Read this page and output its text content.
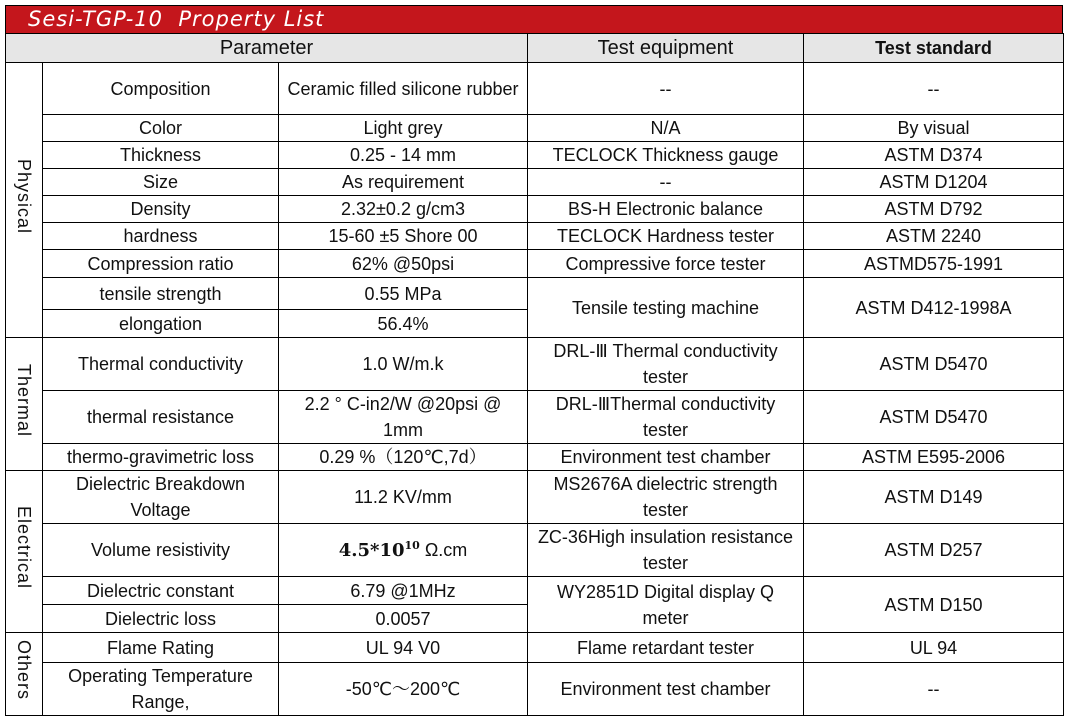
Sesi-TGP-10  Property List
Parameter			Test equipment	Test standard
Physical	Composition	Ceramic filled silicone rubber	--	--
	Color	Light grey	N/A	By visual
	Thickness	0.25 - 14 mm	TECLOCK Thickness gauge	ASTM D374
	Size	As requirement	--	ASTM D1204
	Density	2.32±0.2 g/cm3	BS-H Electronic balance	ASTM D792
	hardness	15-60 ±5 Shore 00	TECLOCK Hardness tester	ASTM 2240
	Compression ratio	62% @50psi	Compressive force tester	ASTMD575-1991
	tensile strength	0.55 MPa	Tensile testing machine	ASTM D412-1998A
	elongation	56.4%		
Thermal	Thermal conductivity	1.0 W/m.k	DRL-Ⅲ Thermal conductivity tester	ASTM D5470
	thermal resistance	2.2 ° C-in2/W @20psi @ 1mm	DRL-ⅢThermal conductivity tester	ASTM D5470
	thermo-gravimetric loss	0.29 %（120℃,7d）	Environment test chamber	ASTM E595-2006
Electrical	Dielectric Breakdown Voltage	11.2 KV/mm	MS2676A dielectric strength tester	ASTM D149
	Volume resistivity	$4.5*10^{10}$ Ω.cm	ZC-36High insulation resistance tester	ASTM D257
	Dielectric constant	6.79 @1MHz	WY2851D Digital display Q meter	ASTM D150
	Dielectric loss	0.0057		
Others	Flame Rating	UL 94 V0	Flame retardant tester	UL 94
	Operating Temperature Range,	-50℃～200℃	Environment test chamber	--
